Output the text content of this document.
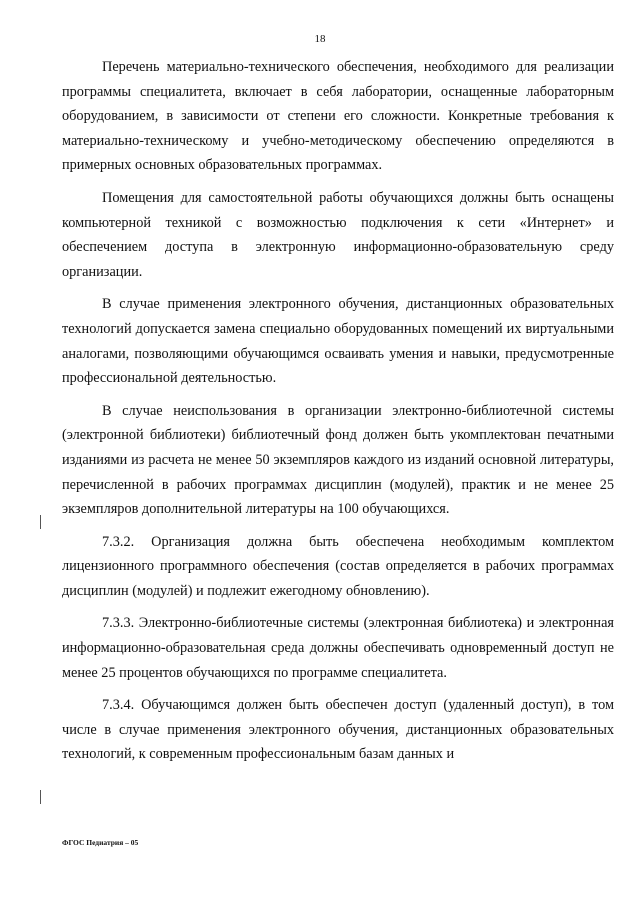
18

Перечень материально-технического обеспечения, необходимого для реализации программы специалитета, включает в себя лаборатории, оснащенные лабораторным оборудованием, в зависимости от степени его сложности. Конкретные требования к материально-техническому и учебно-методическому обеспечению определяются в примерных основных образовательных программах.

Помещения для самостоятельной работы обучающихся должны быть оснащены компьютерной техникой с возможностью подключения к сети «Интернет» и обеспечением доступа в электронную информационно-образовательную среду организации.

В случае применения электронного обучения, дистанционных образовательных технологий допускается замена специально оборудованных помещений их виртуальными аналогами, позволяющими обучающимся осваивать умения и навыки, предусмотренные профессиональной деятельностью.

В случае неиспользования в организации электронно-библиотечной системы (электронной библиотеки) библиотечный фонд должен быть укомплектован печатными изданиями из расчета не менее 50 экземпляров каждого из изданий основной литературы, перечисленной в рабочих программах дисциплин (модулей), практик и не менее 25 экземпляров дополнительной литературы на 100 обучающихся.

7.3.2. Организация должна быть обеспечена необходимым комплектом лицензионного программного обеспечения (состав определяется в рабочих программах дисциплин (модулей) и подлежит ежегодному обновлению).

7.3.3. Электронно-библиотечные системы (электронная библиотека) и электронная информационно-образовательная среда должны обеспечивать одновременный доступ не менее 25 процентов обучающихся по программе специалитета.

7.3.4. Обучающимся должен быть обеспечен доступ (удаленный доступ), в том числе в случае применения электронного обучения, дистанционных образовательных технологий, к современным профессиональным базам данных и

ФГОС Педиатрия – 05
